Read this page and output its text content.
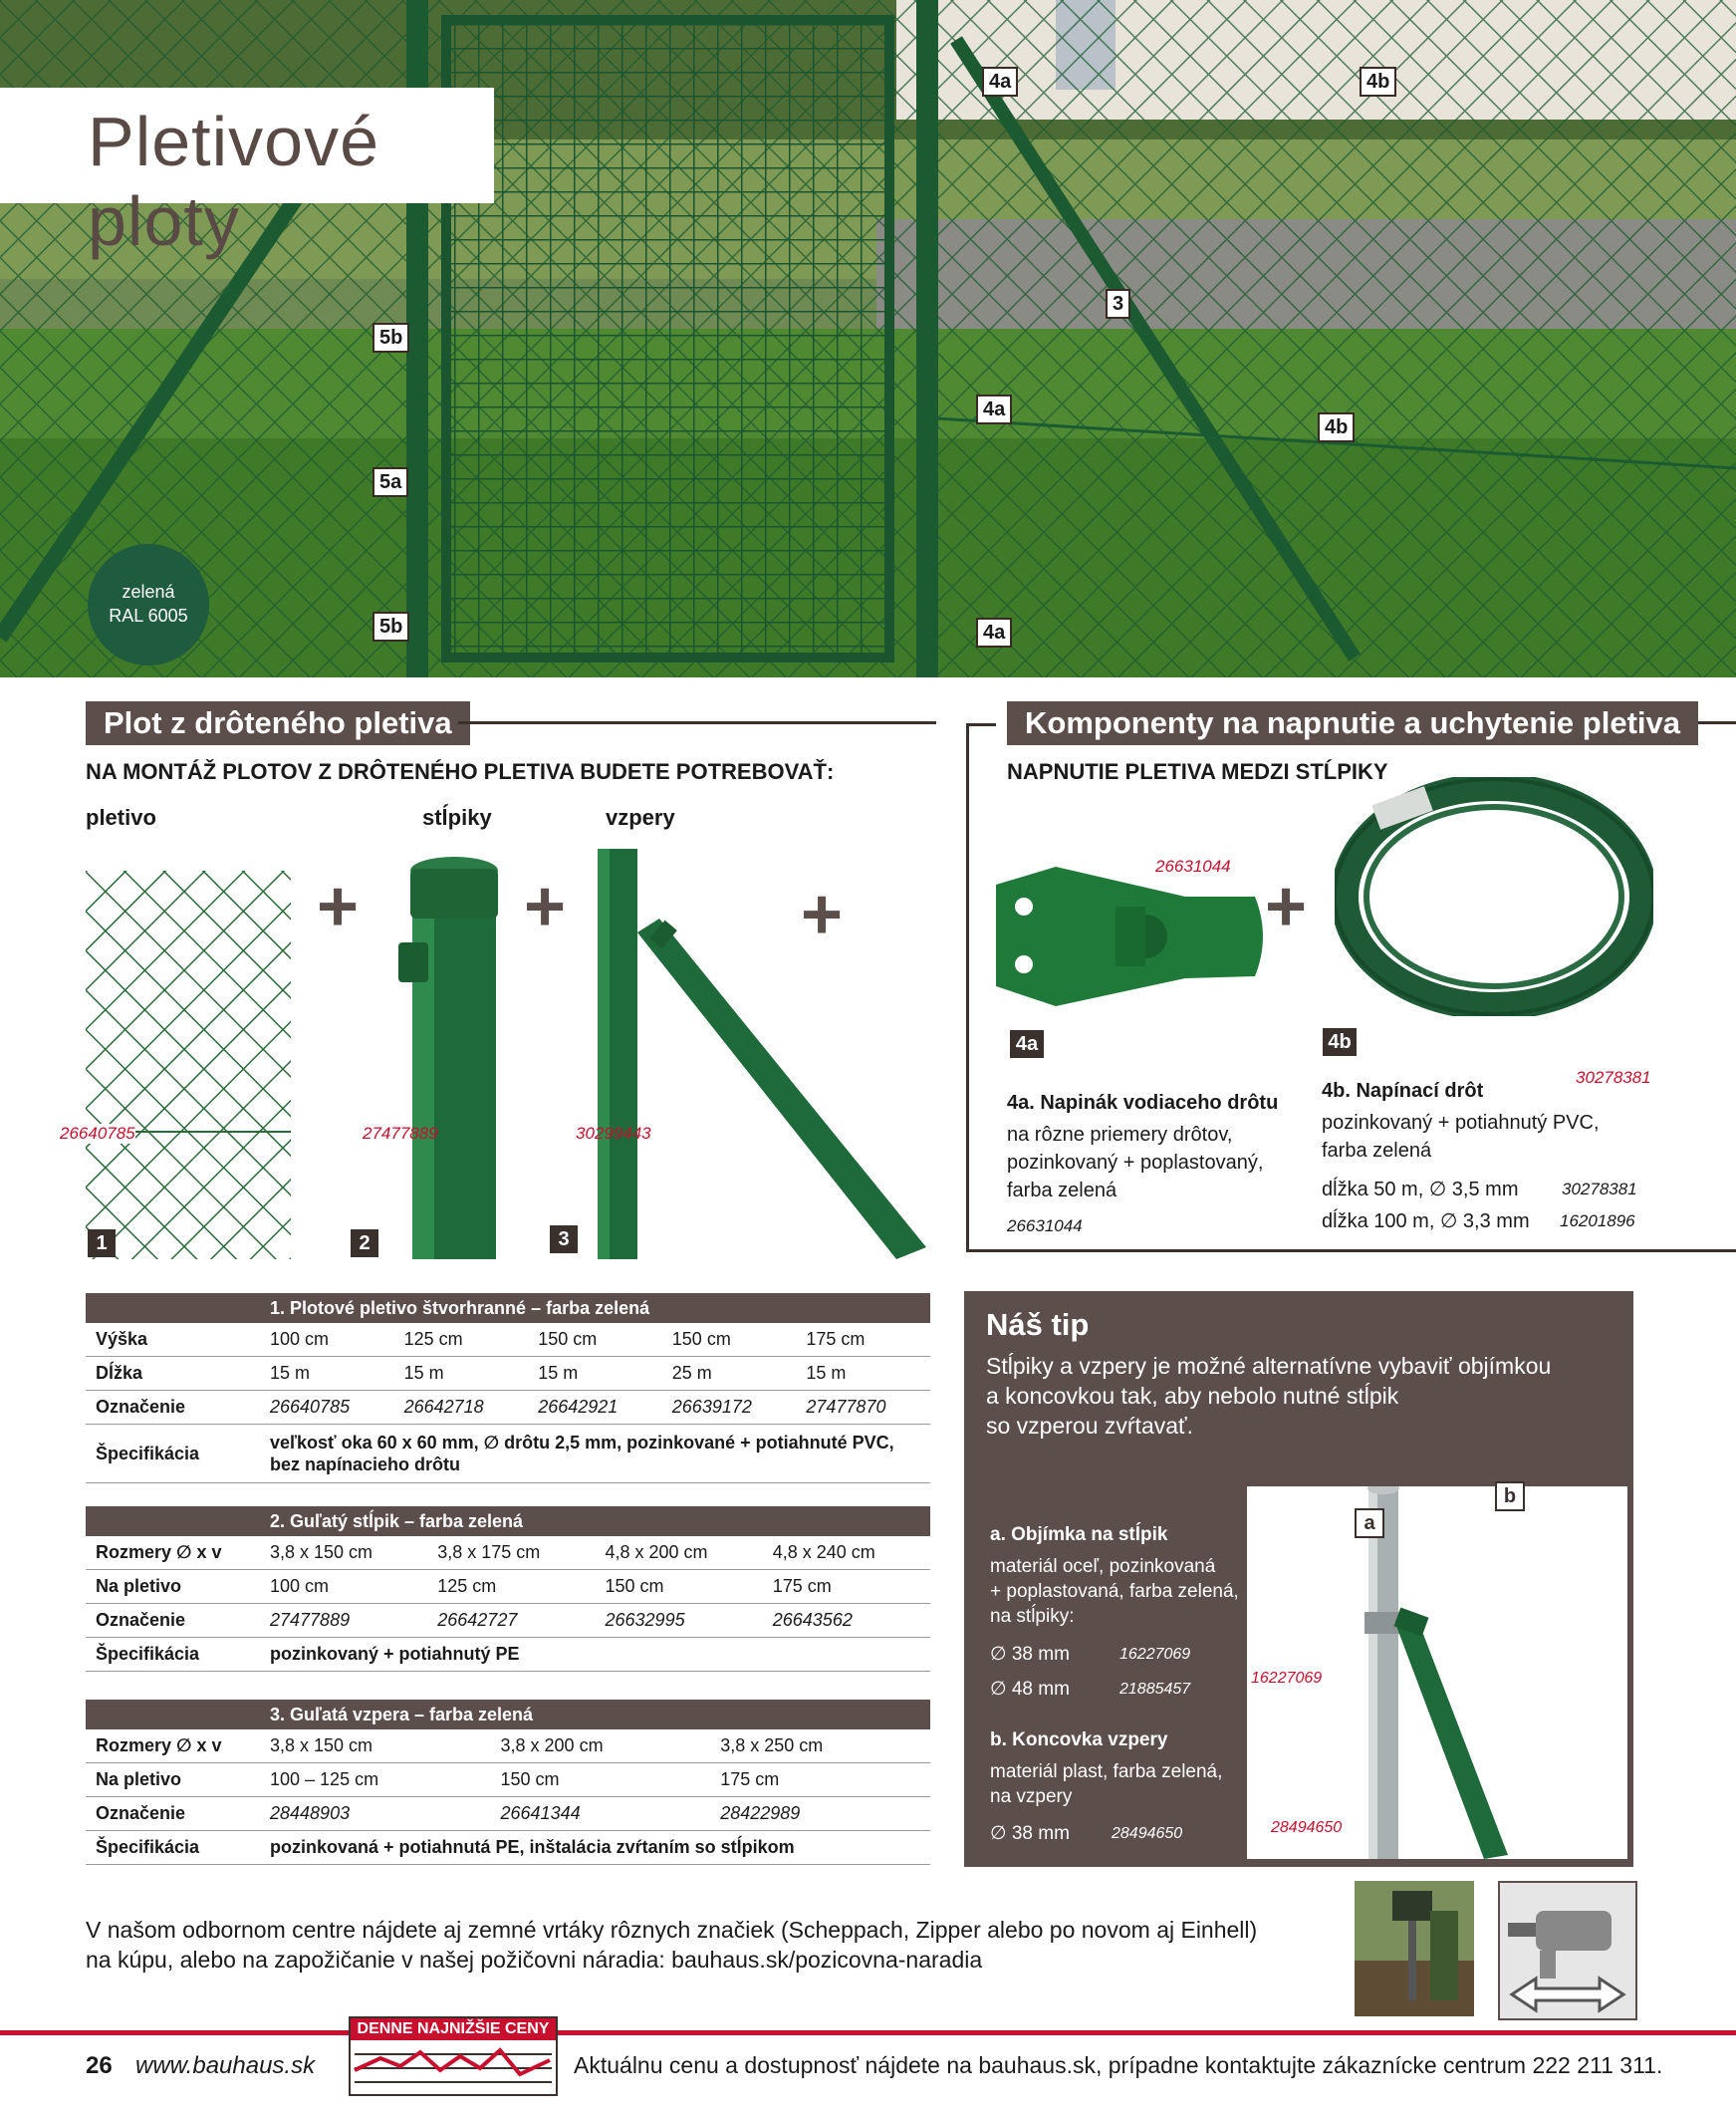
Pletivové ploty
zelená
RAL 6005
4a	4b
5b
3
4a
4b
5a
5b	4a
Plot z drôteného pletiva
NA MONTÁŽ PLOTOV Z DRÔTENÉHO PLETIVA BUDETE POTREBOVAŤ:
pletivo	stĺpiky	vzpery
+ +	+
26640785	27477889	30299443
1	2	3
Komponenty na napnutie a uchytenie pletiva
NAPNUTIE PLETIVA MEDZI STĹPIKY
26631044
+
4a	4b
4a. Napinák vodiaceho drôtu
na rôzne priemery drôtov,
pozinkovaný + poplastovaný,
farba zelená
26631044
30278381
4b. Napínací drôt
pozinkovaný + potiahnutý PVC,
farba zelená
dĺžka 50 m, ∅ 3,5 mm	30278381
dĺžka 100 m, ∅ 3,3 mm 16201896
	1. Plotové pletivo štvorhranné – farba zelená				
Výška	100 cm	125 cm	150 cm	150 cm	175 cm
Dĺžka	15 m	15 m	15 m	25 m	15 m
Označenie	26640785	26642718	26642921	26639172	27477870
Špecifikácia	veľkosť oka 60 x 60 mm, ∅ drôtu 2,5 mm, pozinkované + potiahnuté PVC,
bez napínacieho drôtu				
	2. Guľatý stĺpik – farba zelená			
Rozmery ∅ x v	3,8 x 150 cm	3,8 x 175 cm	4,8 x 200 cm	4,8 x 240 cm
Na pletivo	100 cm	125 cm	150 cm	175 cm
Označenie	27477889	26642727	26632995	26643562
Špecifikácia	pozinkovaný + potiahnutý PE			
	3. Guľatá vzpera – farba zelená		
Rozmery ∅ x v	3,8 x 150 cm	3,8 x 200 cm	3,8 x 250 cm
Na pletivo	100 – 125 cm	150 cm	175 cm
Označenie	28448903	26641344	28422989
Špecifikácia	pozinkovaná + potiahnutá PE, inštalácia zvŕtaním so stĺpikom		
Náš tip
Stĺpiky a vzpery je možné alternatívne vybaviť objímkou
a koncovkou tak, aby nebolo nutné stĺpik
so vzperou zvŕtavať.
a. Objímka na stĺpik
materiál oceľ, pozinkovaná
+ poplastovaná, farba zelená,
na stĺpiky:
∅ 38 mm	16227069
∅ 48 mm	21885457
b. Koncovka vzpery
materiál plast, farba zelená,
na vzpery
∅ 38 mm	28494650
16227069
28494650
a
b
V našom odbornom centre nájdete aj zemné vrtáky rôznych značiek (Scheppach, Zipper alebo po novom aj Einhell)
na kúpu, alebo na zapožičanie v našej požičovni náradia: bauhaus.sk/pozicovna-naradia
DENNE NAJNIŽŠIE CENY
26 www.bauhaus.sk	Aktuálnu cenu a dostupnosť nájdete na bauhaus.sk, prípadne kontaktujte zákaznícke centrum 222 211 311.
